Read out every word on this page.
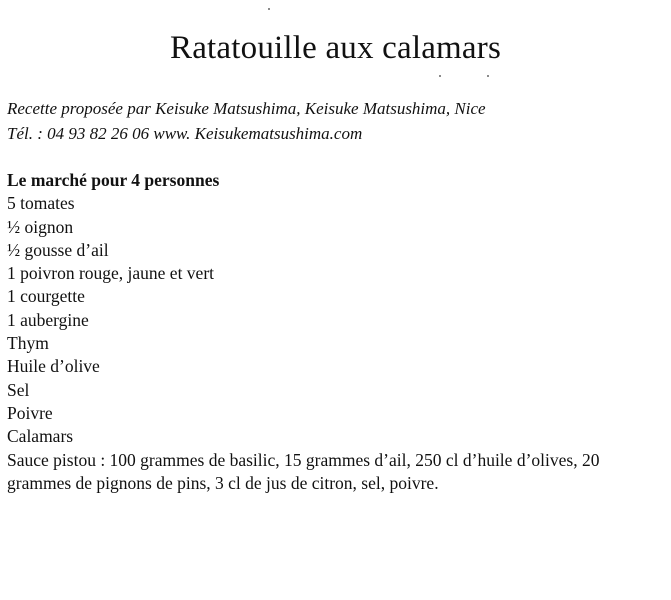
Ratatouille aux calamars
Recette proposée par Keisuke Matsushima, Keisuke Matsushima, Nice
Tél. : 04 93 82 26 06 www. Keisukematsushima.com

Le marché pour 4 personnes

5 tomates
½ oignon
½ gousse d’ail
1 poivron rouge, jaune et vert
1 courgette
1 aubergine
Thym
Huile d’olive
Sel
Poivre
Calamars
Sauce pistou : 100 grammes de basilic, 15 grammes d’ail, 250 cl d’huile d’olives, 20 grammes de pignons de pins, 3 cl de jus de citron, sel, poivre.
